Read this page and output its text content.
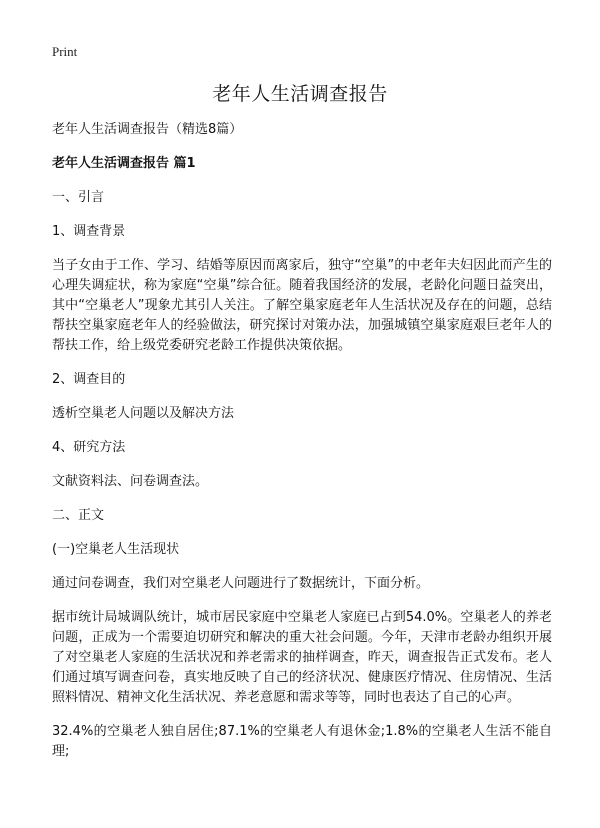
Print
老年人生活调查报告

老年人生活调查报告（精选8篇）

老年人生活调查报告 篇1

一、引言

1、调查背景

当子女由于工作、学习、结婚等原因而离家后，独守“空巢”的中老年夫妇因此而产生的心理失调症状，称为家庭“空巢”综合征。随着我国经济的发展，老龄化问题日益突出，其中“空巢老人”现象尤其引人关注。了解空巢家庭老年人生活状况及存在的问题，总结帮扶空巢家庭老年人的经验做法，研究探讨对策办法，加强城镇空巢家庭艰巨老年人的帮扶工作，给上级党委研究老龄工作提供决策依据。

2、调查目的

透析空巢老人问题以及解决方法

4、研究方法

文献资料法、问卷调查法。

二、正文

(一)空巢老人生活现状

通过问卷调查，我们对空巢老人问题进行了数据统计，下面分析。

据市统计局城调队统计，城市居民家庭中空巢老人家庭已占到54.0%。空巢老人的养老问题，正成为一个需要迫切研究和解决的重大社会问题。今年，天津市老龄办组织开展了对空巢老人家庭的生活状况和养老需求的抽样调查，昨天，调查报告正式发布。老人们通过填写调查问卷，真实地反映了自己的经济状况、健康医疗情况、住房情况、生活照料情况、精神文化生活状况、养老意愿和需求等等，同时也表达了自己的心声。

32.4%的空巢老人独自居住;87.1%的空巢老人有退休金;1.8%的空巢老人生活不能自理;
